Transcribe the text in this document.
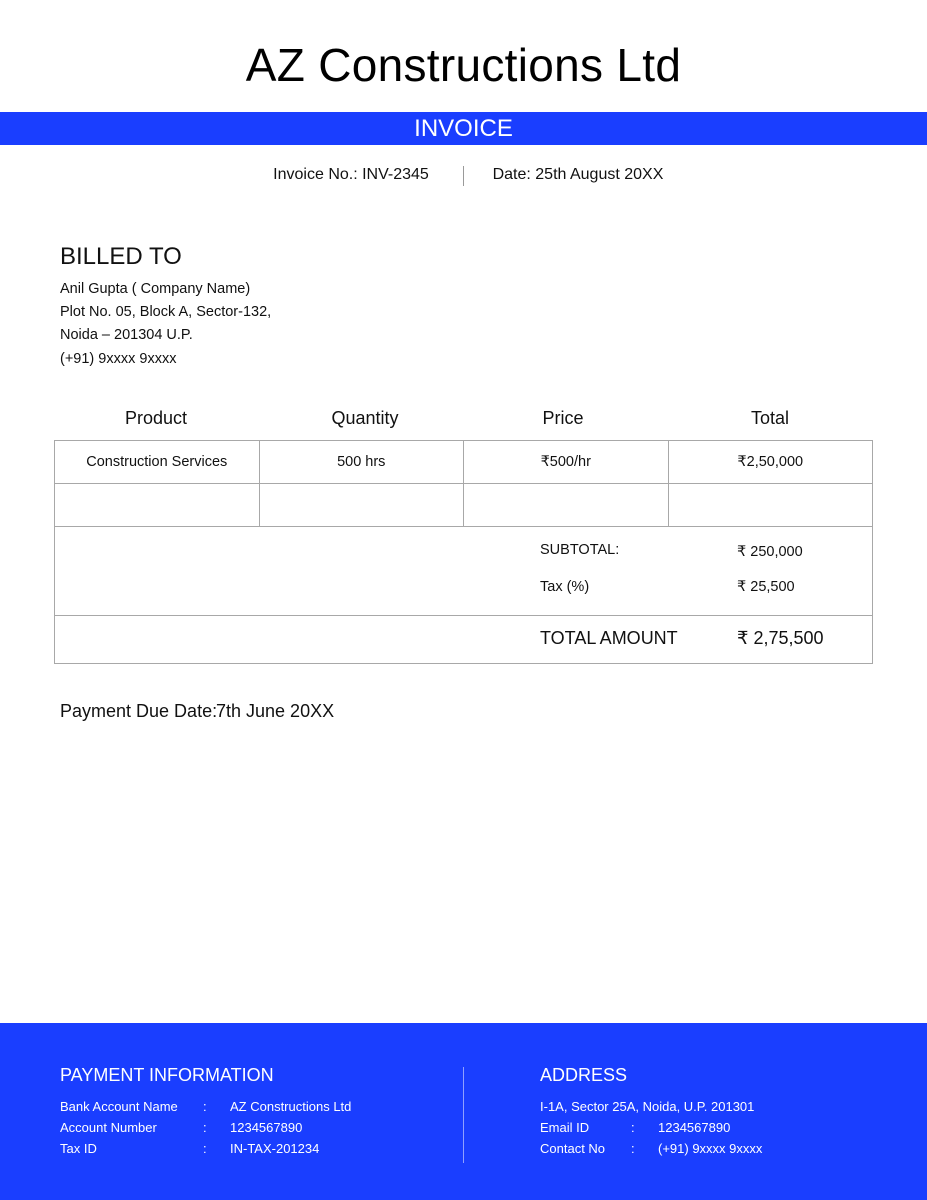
AZ Constructions Ltd
INVOICE
Invoice No.: INV-2345	Date: 25th August 20XX
BILLED TO
Anil Gupta ( Company Name)
Plot No. 05, Block A, Sector-132,
Noida – 201304 U.P.
(+91) 9xxxx 9xxxx
Product	Quantity	Price	Total
Construction Services	500 hrs	₹500/hr	₹2,50,000

SUBTOTAL:	₹ 250,000
Tax (%)	₹ 25,500
TOTAL AMOUNT	₹ 2,75,500
Payment Due Date:
7th June 20XX
PAYMENT INFORMATION
Bank Account Name : AZ Constructions Ltd
Account Number	: 1234567890
Tax ID	: IN-TAX-201234
ADDRESS
I-1A, Sector 25A, Noida, U.P. 201301
Email ID	: 1234567890
Contact No : (+91) 9xxxx 9xxxx
